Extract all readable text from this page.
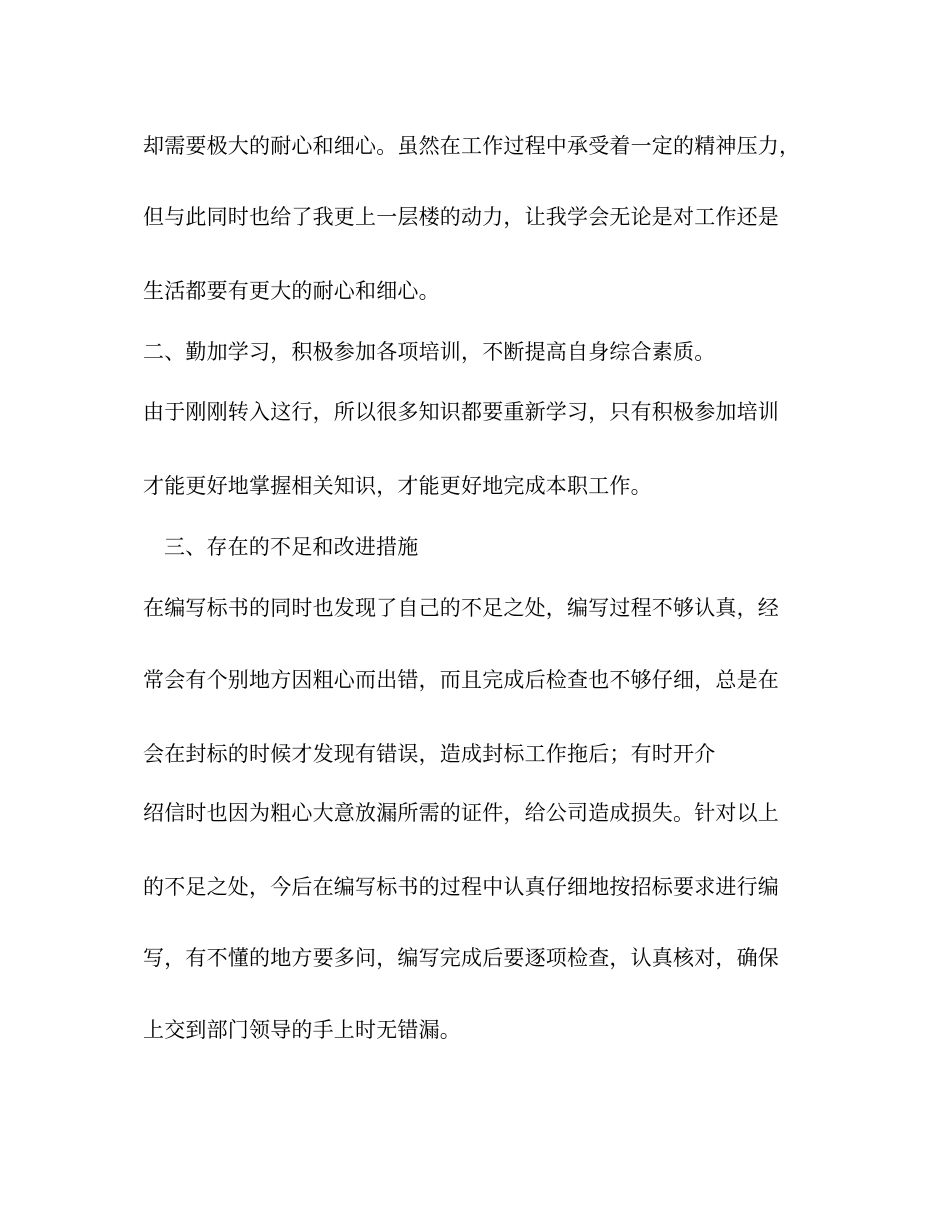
却需要极大的耐心和细心。虽然在工作过程中承受着一定的精神压力，
但与此同时也给了我更上一层楼的动力，让我学会无论是对工作还是
生活都要有更大的耐心和细心。
二、勤加学习，积极参加各项培训，不断提高自身综合素质。
由于刚刚转入这行，所以很多知识都要重新学习，只有积极参加培训
才能更好地掌握相关知识，才能更好地完成本职工作。
三、存在的不足和改进措施
在编写标书的同时也发现了自己的不足之处，编写过程不够认真，经
常会有个别地方因粗心而出错，而且完成后检查也不够仔细，总是在
会在封标的时候才发现有错误，造成封标工作拖后；有时开介
绍信时也因为粗心大意放漏所需的证件，给公司造成损失。针对以上
的不足之处，今后在编写标书的过程中认真仔细地按招标要求进行编
写，有不懂的地方要多问，编写完成后要逐项检查，认真核对，确保
上交到部门领导的手上时无错漏。
